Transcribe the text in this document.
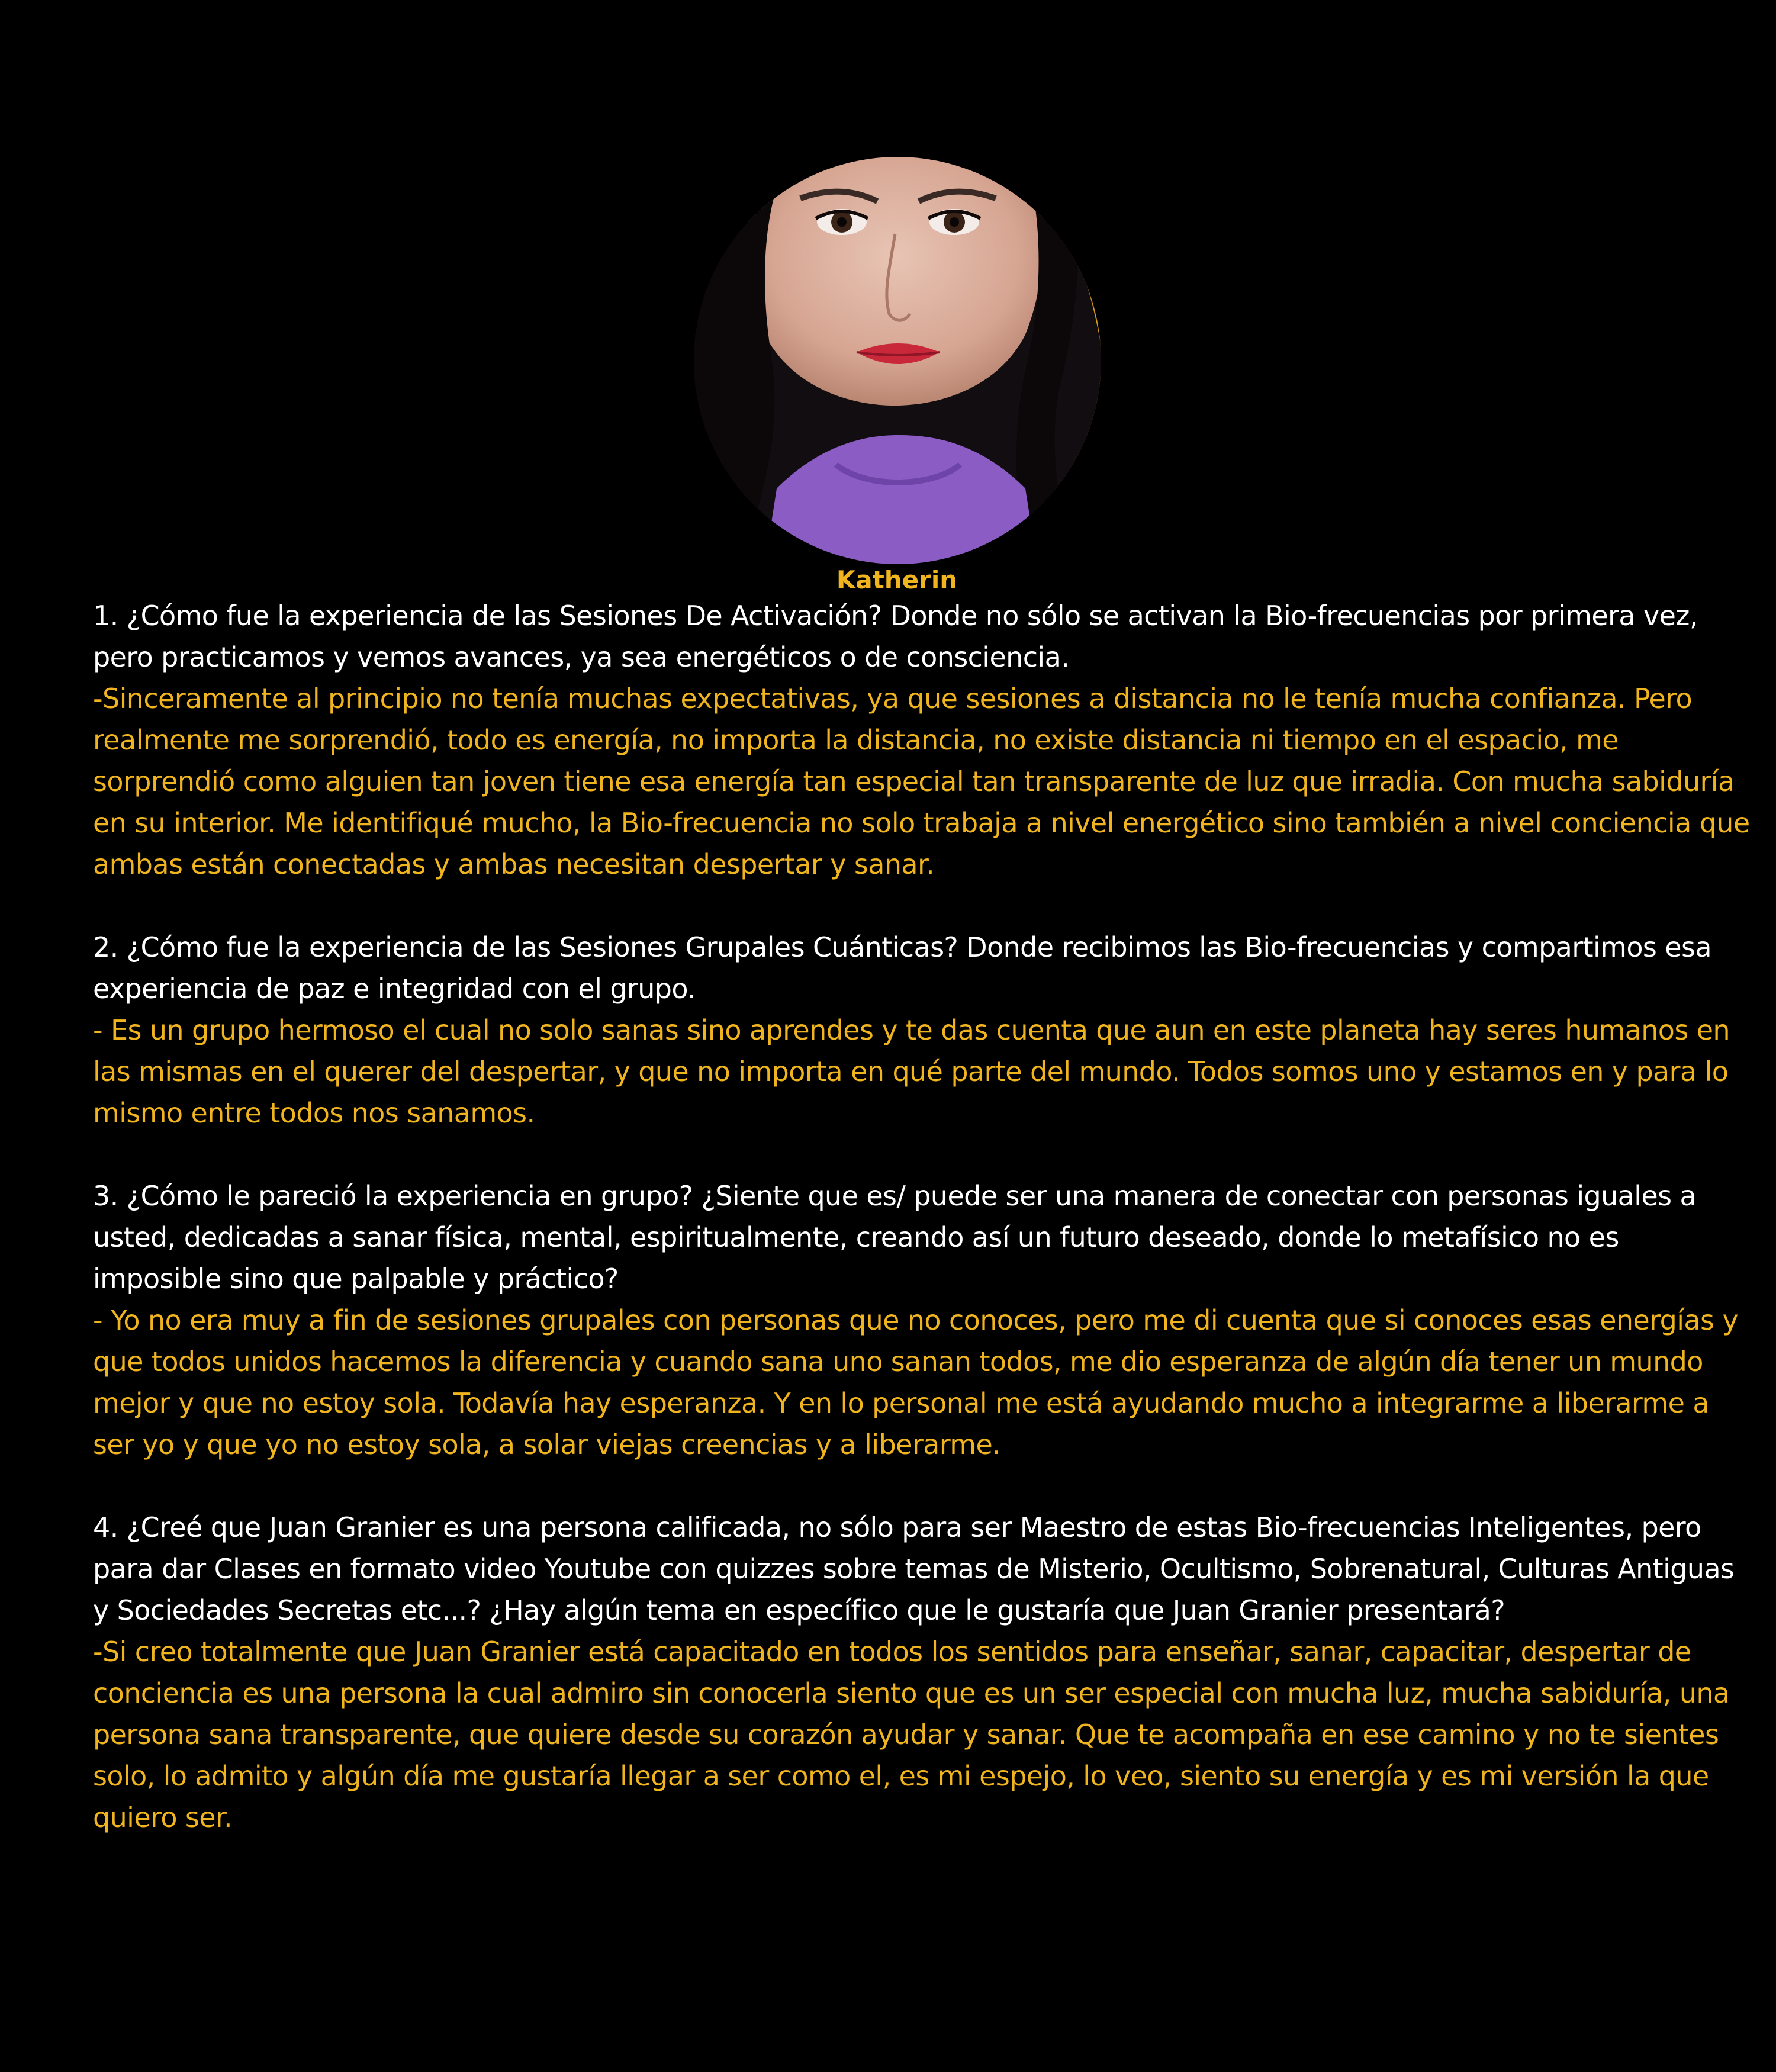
Katherin

1. ¿Cómo fue la experiencia de las Sesiones De Activación? Donde no sólo se activan la Bio-frecuencias por primera vez, pero practicamos y vemos avances, ya sea energéticos o de consciencia.

-Sinceramente al principio no tenía muchas expectativas, ya que sesiones a distancia no le tenía mucha confianza. Pero realmente me sorprendió, todo es energía, no importa la distancia, no existe distancia ni tiempo en el espacio, me sorprendió como alguien tan joven tiene esa energía tan especial tan transparente de luz que irradia. Con mucha sabiduría en su interior. Me identifiqué mucho, la Bio-frecuencia no solo trabaja a nivel energético sino también a nivel conciencia que ambas están conectadas y ambas necesitan despertar y sanar.

2. ¿Cómo fue la experiencia de las Sesiones Grupales Cuánticas? Donde recibimos las Bio-frecuencias y compartimos esa experiencia de paz e integridad con el grupo.

- Es un grupo hermoso el cual no solo sanas sino aprendes y te das cuenta que aun en este planeta hay seres humanos en las mismas en el querer del despertar, y que no importa en qué parte del mundo. Todos somos uno y estamos en y para lo mismo entre todos nos sanamos.

3. ¿Cómo le pareció la experiencia en grupo? ¿Siente que es/ puede ser una manera de conectar con personas iguales a usted, dedicadas a sanar física, mental, espiritualmente, creando así un futuro deseado, donde lo metafísico no es imposible sino que palpable y práctico?

- Yo no era muy a fin de sesiones grupales con personas que no conoces, pero me di cuenta que si conoces esas energías y que todos unidos hacemos la diferencia y cuando sana uno sanan todos, me dio esperanza de algún día tener un mundo mejor y que no estoy sola. Todavía hay esperanza. Y en lo personal me está ayudando mucho a integrarme a liberarme a ser yo y que yo no estoy sola, a solar viejas creencias y a liberarme.

4. ¿Creé que Juan Granier es una persona calificada, no sólo para ser Maestro de estas Bio-frecuencias Inteligentes, pero para dar Clases en formato video Youtube con quizzes sobre temas de Misterio, Ocultismo, Sobrenatural, Culturas Antiguas y Sociedades Secretas etc...? ¿Hay algún tema en específico que le gustaría que Juan Granier presentará?

-Si creo totalmente que Juan Granier está capacitado en todos los sentidos para enseñar, sanar, capacitar, despertar de conciencia es una persona la cual admiro sin conocerla siento que es un ser especial con mucha luz, mucha sabiduría, una persona sana transparente, que quiere desde su corazón ayudar y sanar. Que te acompaña en ese camino y no te sientes solo, lo admito y algún día me gustaría llegar a ser como el, es mi espejo, lo veo, siento su energía y es mi versión la que quiero ser.
